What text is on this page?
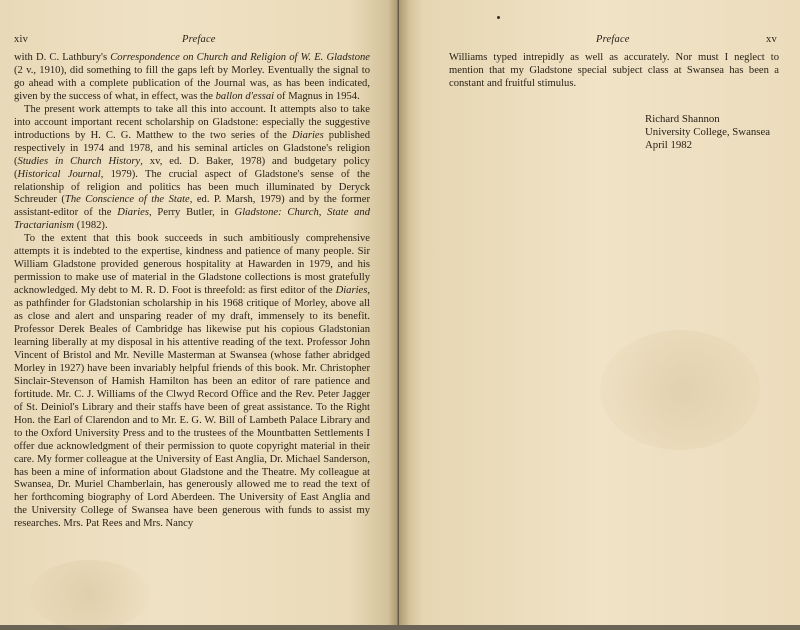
xiv	Preface

with D. C. Lathbury's Correspondence on Church and Religion of W. E. Gladstone (2 v., 1910), did something to fill the gaps left by Morley. Eventually the signal to go ahead with a complete publication of the Journal was, as has been indicated, given by the success of what, in effect, was the ballon d'essai of Magnus in 1954.

The present work attempts to take all this into account. It attempts also to take into account important recent scholarship on Gladstone: especially the suggestive introductions by H. C. G. Matthew to the two series of the Diaries published respectively in 1974 and 1978, and his seminal articles on Gladstone's religion (Studies in Church History, xv, ed. D. Baker, 1978) and budgetary policy (Historical Journal, 1979). The crucial aspect of Gladstone's sense of the relationship of religion and politics has been much illuminated by Deryck Schreuder (The Conscience of the State, ed. P. Marsh, 1979) and by the former assistant-editor of the Diaries, Perry Butler, in Gladstone: Church, State and Tractarianism (1982).

To the extent that this book succeeds in such ambitiously comprehensive attempts it is indebted to the expertise, kindness and patience of many people. Sir William Gladstone provided generous hospitality at Hawarden in 1979, and his permission to make use of material in the Gladstone collections is most gratefully acknowledged. My debt to M. R. D. Foot is threefold: as first editor of the Diaries, as pathfinder for Gladstonian scholarship in his 1968 critique of Morley, above all as close and alert and unsparing reader of my draft, immensely to its benefit. Professor Derek Beales of Cambridge has likewise put his copious Gladstonian learning liberally at my disposal in his attentive reading of the text. Professor John Vincent of Bristol and Mr. Neville Masterman at Swansea (whose father abridged Morley in 1927) have been invariably helpful friends of this book. Mr. Christopher Sinclair-Stevenson of Hamish Hamilton has been an editor of rare patience and fortitude. Mr. C. J. Williams of the Clwyd Record Office and the Rev. Peter Jagger of St. Deiniol's Library and their staffs have been of great assistance. To the Right Hon. the Earl of Clarendon and to Mr. E. G. W. Bill of Lambeth Palace Library and to the Oxford University Press and to the trustees of the Mountbatten Settlements I offer due acknowledgment of their permission to quote copyright material in their care. My former colleague at the University of East Anglia, Dr. Michael Sanderson, has been a mine of information about Gladstone and the Theatre. My colleague at Swansea, Dr. Muriel Chamberlain, has generously allowed me to read the text of her forthcoming biography of Lord Aberdeen. The University of East Anglia and the University College of Swansea have been generous with funds to assist my researches. Mrs. Pat Rees and Mrs. Nancy

Preface	xv

Williams typed intrepidly as well as accurately. Nor must I neglect to mention that my Gladstone special subject class at Swansea has been a constant and fruitful stimulus.

Richard Shannon
University College, Swansea
April 1982
